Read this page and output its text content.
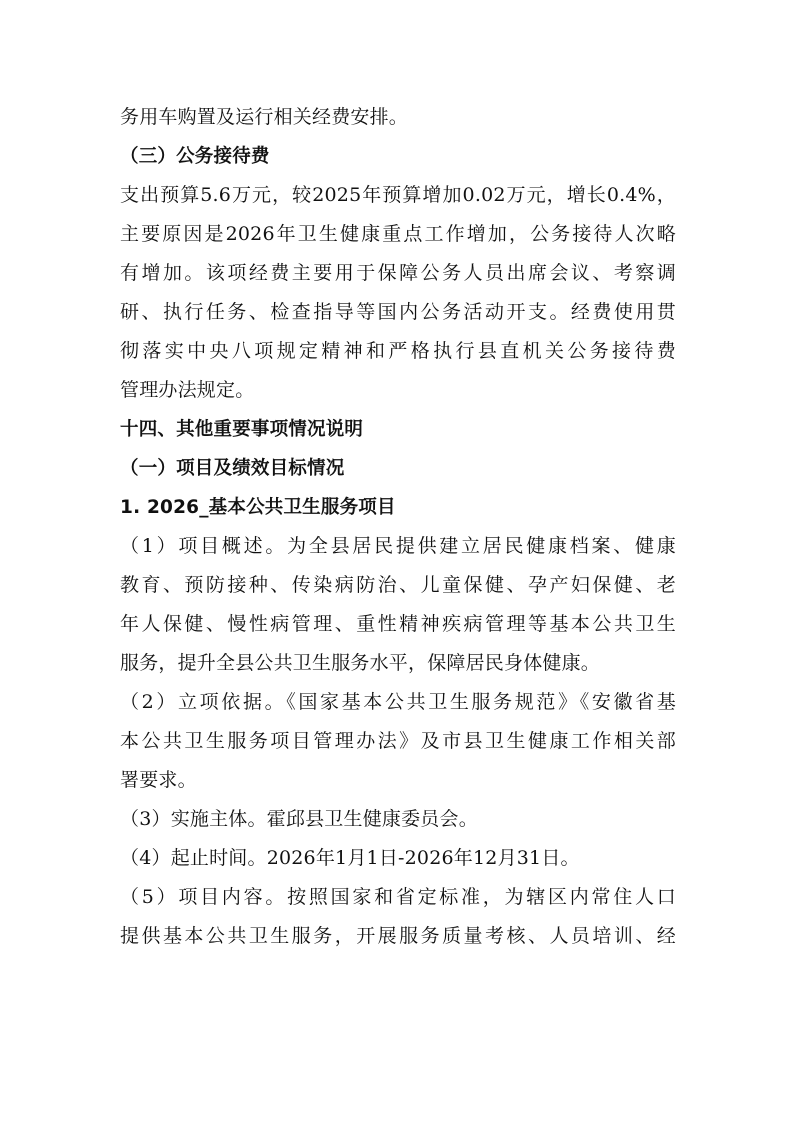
务用车购置及运行相关经费安排。
（三）公务接待费
支出预算5.6万元，较2025年预算增加0.02万元，增长0.4%，
主要原因是2026年卫生健康重点工作增加，公务接待人次略
有增加。该项经费主要用于保障公务人员出席会议、考察调
研、执行任务、检查指导等国内公务活动开支。经费使用贯
彻落实中央八项规定精神和严格执行县直机关公务接待费
管理办法规定。
十四、其他重要事项情况说明
（一）项目及绩效目标情况
1. 2026_基本公共卫生服务项目
（1）项目概述。为全县居民提供建立居民健康档案、健康
教育、预防接种、传染病防治、儿童保健、孕产妇保健、老
年人保健、慢性病管理、重性精神疾病管理等基本公共卫生
服务，提升全县公共卫生服务水平，保障居民身体健康。
（2）立项依据。《国家基本公共卫生服务规范》《安徽省基
本公共卫生服务项目管理办法》及市县卫生健康工作相关部
署要求。
（3）实施主体。霍邱县卫生健康委员会。
（4）起止时间。2026年1月1日-2026年12月31日。
（5）项目内容。按照国家和省定标准，为辖区内常住人口
提供基本公共卫生服务，开展服务质量考核、人员培训、经
